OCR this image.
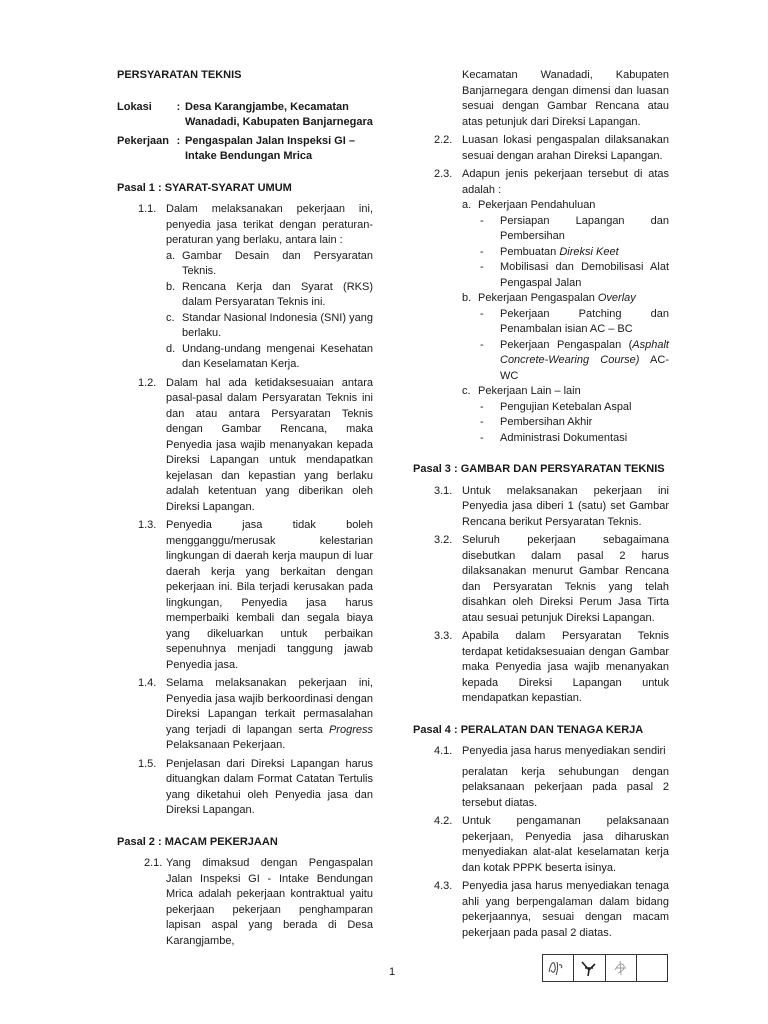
PERSYARATAN TEKNIS

Lokasi	: Desa Karangjambe, Kecamatan Wanadadi, Kabupaten Banjarnegara
Pekerjaan : Pengaspalan Jalan Inspeksi GI – Intake Bendungan Mrica
Pasal 1 : SYARAT-SYARAT UMUM
1.1. Dalam melaksanakan pekerjaan ini, penyedia jasa terikat dengan peraturan-peraturan yang berlaku, antara lain :
a. Gambar Desain dan Persyaratan Teknis.
b. Rencana Kerja dan Syarat (RKS) dalam Persyaratan Teknis ini.
c. Standar Nasional Indonesia (SNI) yang berlaku.
d. Undang-undang mengenai Kesehatan dan Keselamatan Kerja.
1.2. Dalam hal ada ketidaksesuaian antara pasal-pasal dalam Persyaratan Teknis ini dan atau antara Persyaratan Teknis dengan Gambar Rencana, maka Penyedia jasa wajib menanyakan kepada Direksi Lapangan untuk mendapatkan kejelasan dan kepastian yang berlaku adalah ketentuan yang diberikan oleh Direksi Lapangan.
1.3. Penyedia jasa tidak boleh mengganggu/merusak kelestarian lingkungan di daerah kerja maupun di luar daerah kerja yang berkaitan dengan pekerjaan ini. Bila terjadi kerusakan pada lingkungan, Penyedia jasa harus memperbaiki kembali dan segala biaya yang dikeluarkan untuk perbaikan sepenuhnya menjadi tanggung jawab Penyedia jasa.
1.4. Selama melaksanakan pekerjaan ini, Penyedia jasa wajib berkoordinasi dengan Direksi Lapangan terkait permasalahan yang terjadi di lapangan serta Progress Pelaksanaan Pekerjaan.
1.5. Penjelasan dari Direksi Lapangan harus dituangkan dalam Format Catatan Tertulis yang diketahui oleh Penyedia jasa dan Direksi Lapangan.
Pasal 2 : MACAM PEKERJAAN
2.1. Yang dimaksud dengan Pengaspalan Jalan Inspeksi GI - Intake Bendungan Mrica adalah pekerjaan kontraktual yaitu pekerjaan pekerjaan penghamparan lapisan aspal yang berada di Desa Karangjambe,
Kecamatan Wanadadi, Kabupaten Banjarnegara dengan dimensi dan luasan sesuai dengan Gambar Rencana atau atas petunjuk dari Direksi Lapangan.
2.2. Luasan lokasi pengaspalan dilaksanakan sesuai dengan arahan Direksi Lapangan.
2.3. Adapun jenis pekerjaan tersebut di atas adalah :
a. Pekerjaan Pendahuluan
-	Persiapan Lapangan dan Pembersihan
-	Pembuatan Direksi Keet
-	Mobilisasi dan Demobilisasi Alat Pengaspal Jalan
b. Pekerjaan Pengaspalan Overlay
-	Pekerjaan Patching dan Penambalan isian AC – BC
-	Pekerjaan Pengaspalan (Asphalt Concrete-Wearing Course) AC-WC
c. Pekerjaan Lain – lain
-	Pengujian Ketebalan Aspal
-	Pembersihan Akhir
-	Administrasi Dokumentasi
Pasal 3 : GAMBAR DAN PERSYARATAN TEKNIS
3.1. Untuk melaksanakan pekerjaan ini Penyedia jasa diberi 1 (satu) set Gambar Rencana berikut Persyaratan Teknis.
3.2. Seluruh pekerjaan sebagaimana disebutkan dalam pasal 2 harus dilaksanakan menurut Gambar Rencana dan Persyaratan Teknis yang telah disahkan oleh Direksi Perum Jasa Tirta atau sesuai petunjuk Direksi Lapangan.
3.3. Apabila dalam Persyaratan Teknis terdapat ketidaksesuaian dengan Gambar maka Penyedia jasa wajib menanyakan kepada Direksi Lapangan untuk mendapatkan kepastian.
Pasal 4 : PERALATAN DAN TENAGA KERJA
4.1. Penyedia jasa harus menyediakan sendiri
peralatan kerja sehubungan dengan pelaksanaan pekerjaan pada pasal 2 tersebut diatas.
4.2. Untuk pengamanan pelaksanaan pekerjaan, Penyedia jasa diharuskan menyediakan alat-alat keselamatan kerja dan kotak PPPK beserta isinya.
4.3. Penyedia jasa harus menyediakan tenaga ahli yang berpengalaman dalam bidang pekerjaannya, sesuai dengan macam pekerjaan pada pasal 2 diatas.
1
